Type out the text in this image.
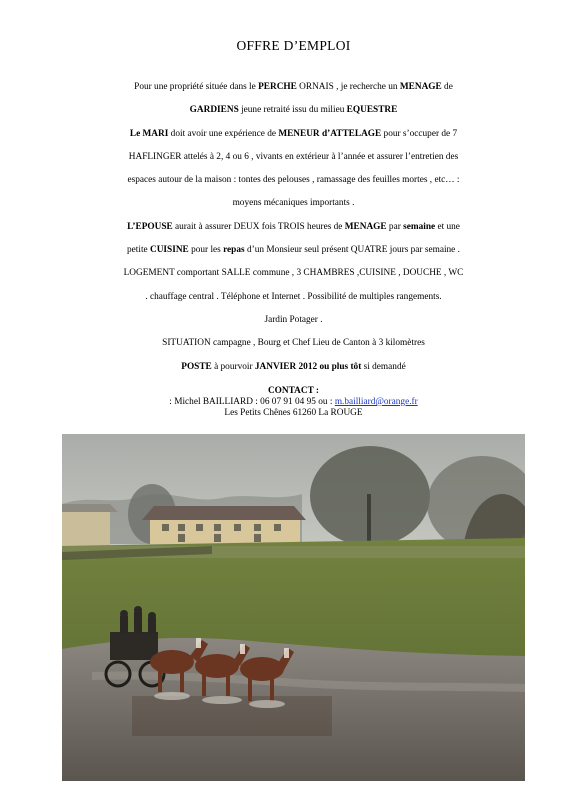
OFFRE D’EMPLOI
Pour une propriété située dans le PERCHE ORNAIS , je recherche un MENAGE de
GARDIENS jeune retraité issu du milieu EQUESTRE
Le MARI doit avoir une expérience de MENEUR d’ATTELAGE pour s’occuper de 7
HAFLINGER attelés à 2, 4 ou 6 , vivants en extérieur à l’année et assurer l’entretien des
espaces autour de la maison : tontes des pelouses , ramassage des feuilles mortes , etc… :
moyens mécaniques importants .
L’EPOUSE aurait à assurer DEUX fois TROIS heures de MENAGE par semaine et une
petite CUISINE pour les repas d’un Monsieur seul présent QUATRE jours par semaine .
LOGEMENT comportant SALLE commune , 3 CHAMBRES ,CUISINE , DOUCHE , WC
. chauffage central . Téléphone et Internet . Possibilité de multiples rangements.
Jardin Potager .
SITUATION campagne , Bourg et Chef Lieu de Canton à 3 kilomètres
POSTE à pourvoir JANVIER 2012 ou plus tôt si demandé
CONTACT :
: Michel BAILLIARD : 06 07 91 04 95 ou : m.bailliard@orange.fr
Les Petits Chênes 61260 La ROUGE
